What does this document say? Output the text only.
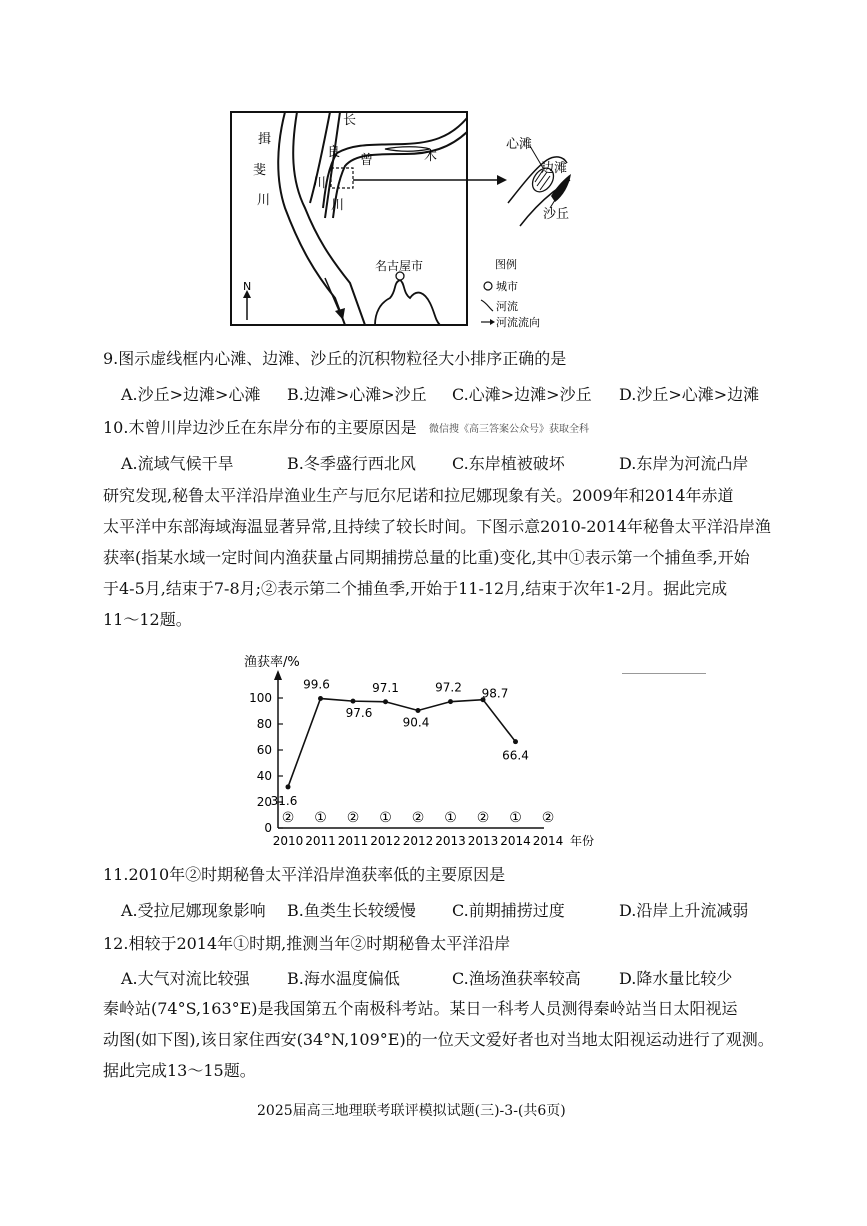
N
揖
斐
川
长
良
川
曾
川
木
名古屋市	图例
城市
河流
河流流向
心滩
边滩
沙丘
9.图示虚线框内心滩、边滩、沙丘的沉积物粒径大小排序正确的是
A.沙丘>边滩>心滩 B.边滩>心滩>沙丘 C.心滩>边滩>沙丘 D.沙丘>心滩>边滩
10.木曾川岸边沙丘在东岸分布的主要原因是 微信搜《高三答案公众号》获取全科
A.流域气候干旱	B.冬季盛行西北风 C.东岸植被破坏	D.东岸为河流凸岸
研究发现,秘鲁太平洋沿岸渔业生产与厄尔尼诺和拉尼娜现象有关。2009年和2014年赤道
太平洋中东部海域海温显著异常,且持续了较长时间。下图示意2010-2014年秘鲁太平洋沿岸渔
获率(指某水域一定时间内渔获量占同期捕捞总量的比重)变化,其中①表示第一个捕鱼季,开始
于4-5月,结束于7-8月;②表示第二个捕鱼季,开始于11-12月,结束于次年1-2月。据此完成
11～12题。
渔获率/%
0
20
40
60
80
100
31.6
99.6
97.6
97.1
90.4
97.2 98.7
66.4
② ① ② ① ② ① ② ① ②
2010 2011 2011 2012 2012 2013 2013 2014 2014 年份
11.2010年②时期秘鲁太平洋沿岸渔获率低的主要原因是
A.受拉尼娜现象影响 B.鱼类生长较缓慢 C.前期捕捞过度	D.沿岸上升流减弱
12.相较于2014年①时期,推测当年②时期秘鲁太平洋沿岸
A.大气对流比较强 B.海水温度偏低	C.渔场渔获率较高 D.降水量比较少
秦岭站(74°S,163°E)是我国第五个南极科考站。某日一科考人员测得秦岭站当日太阳视运
动图(如下图),该日家住西安(34°N,109°E)的一位天文爱好者也对当地太阳视运动进行了观测。
据此完成13～15题。
2025届高三地理联考联评模拟试题(三)-3-(共6页)
